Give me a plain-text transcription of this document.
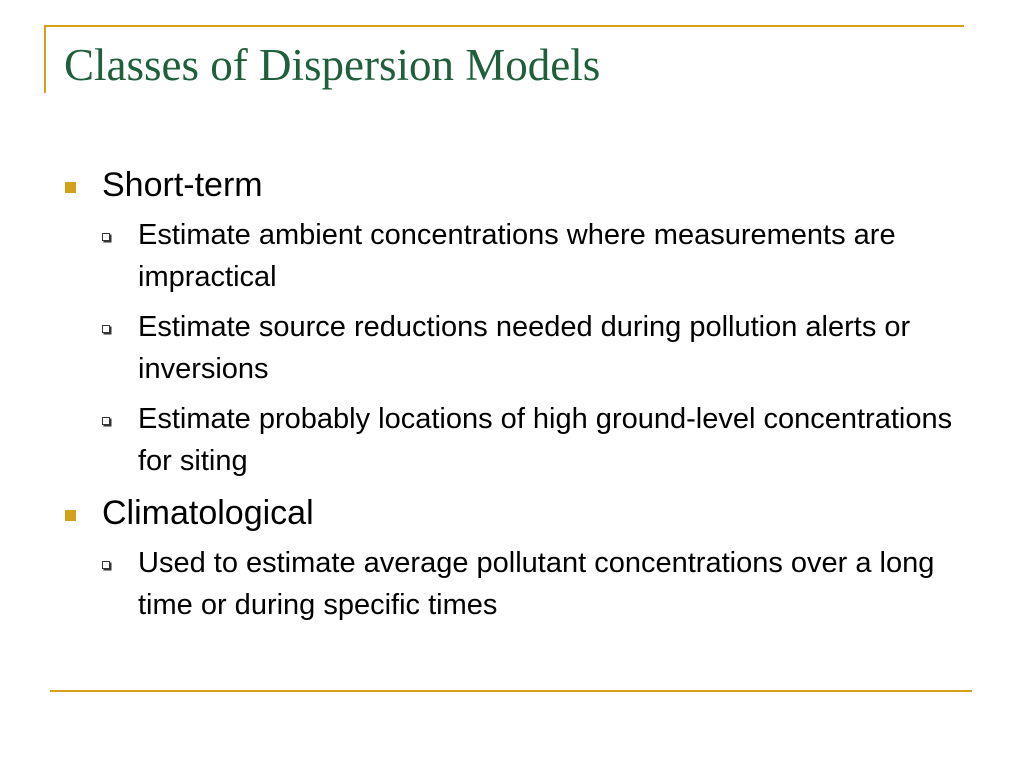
Classes of Dispersion Models
Short-term
Estimate ambient concentrations where measurements are impractical
Estimate source reductions needed during pollution alerts or inversions
Estimate probably locations of high ground-level concentrations for siting
Climatological
Used to estimate average pollutant concentrations over a long time or during specific times
